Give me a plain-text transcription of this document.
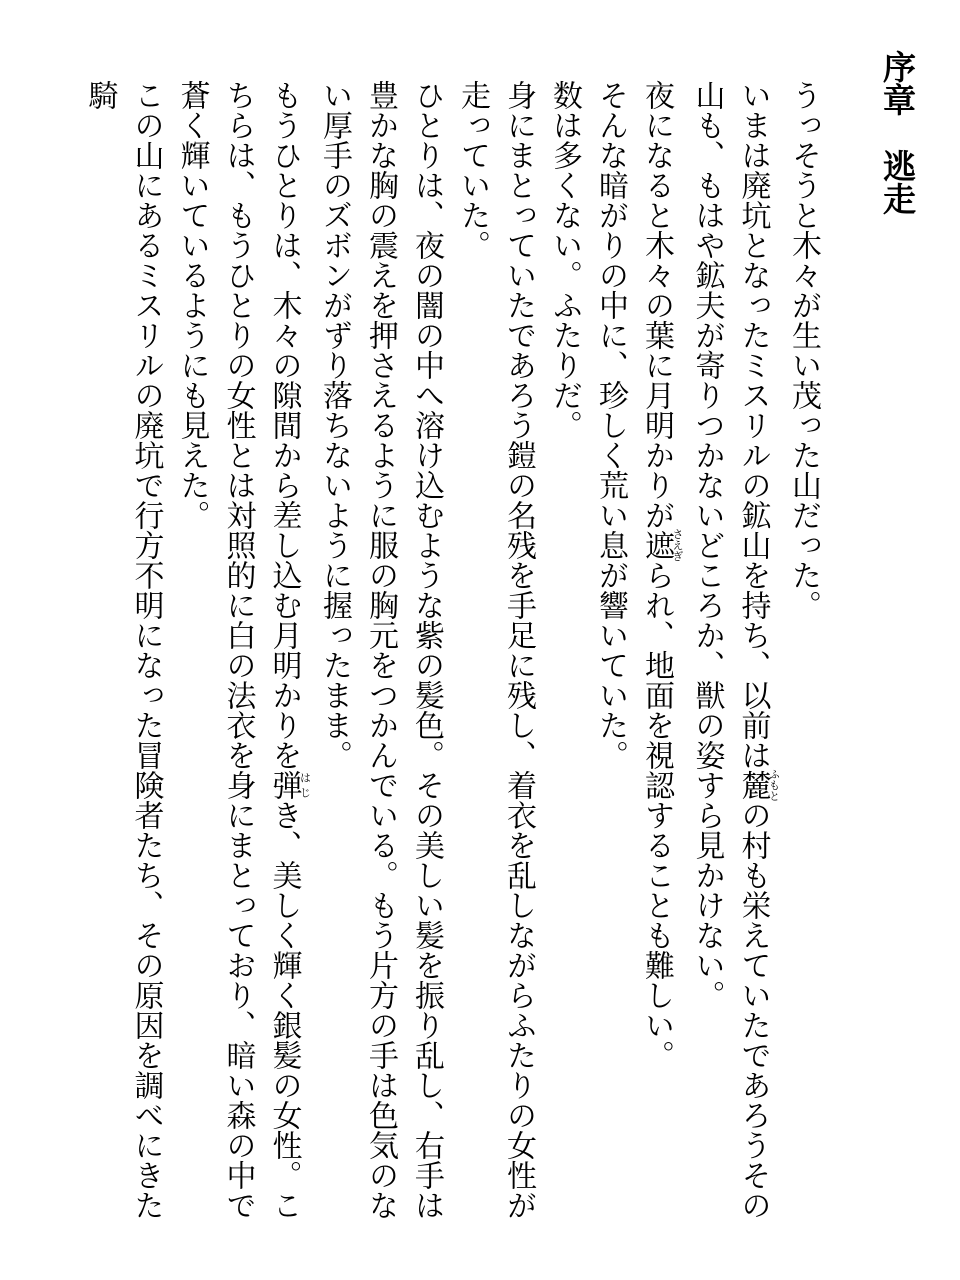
序章　逃走
うっそうと木々が生い茂った山だった。
いまは廃坑となったミスリルの鉱山を持ち、以前は麓ふもとの村も栄えていたであろうその山も、もはや鉱夫が寄りつかないどころか、獣の姿すら見かけない。
夜になると木々の葉に月明かりが遮さえぎられ、地面を視認することも難しい。
そんな暗がりの中に、珍しく荒い息が響いていた。
数は多くない。ふたりだ。
身にまとっていたであろう鎧の名残を手足に残し、着衣を乱しながらふたりの女性が走っていた。
ひとりは、夜の闇の中へ溶け込むような紫の髪色。その美しい髪を振り乱し、右手は豊かな胸の震えを押さえるように服の胸元をつかんでいる。もう片方の手は色気のない厚手のズボンがずり落ちないように握ったまま。
もうひとりは、木々の隙間から差し込む月明かりを弾はじき、美しく輝く銀髪の女性。こちらは、もうひとりの女性とは対照的に白の法衣を身にまとっており、暗い森の中で蒼く輝いているようにも見えた。
この山にあるミスリルの廃坑で行方不明になった冒険者たち、その原因を調べにきた騎
